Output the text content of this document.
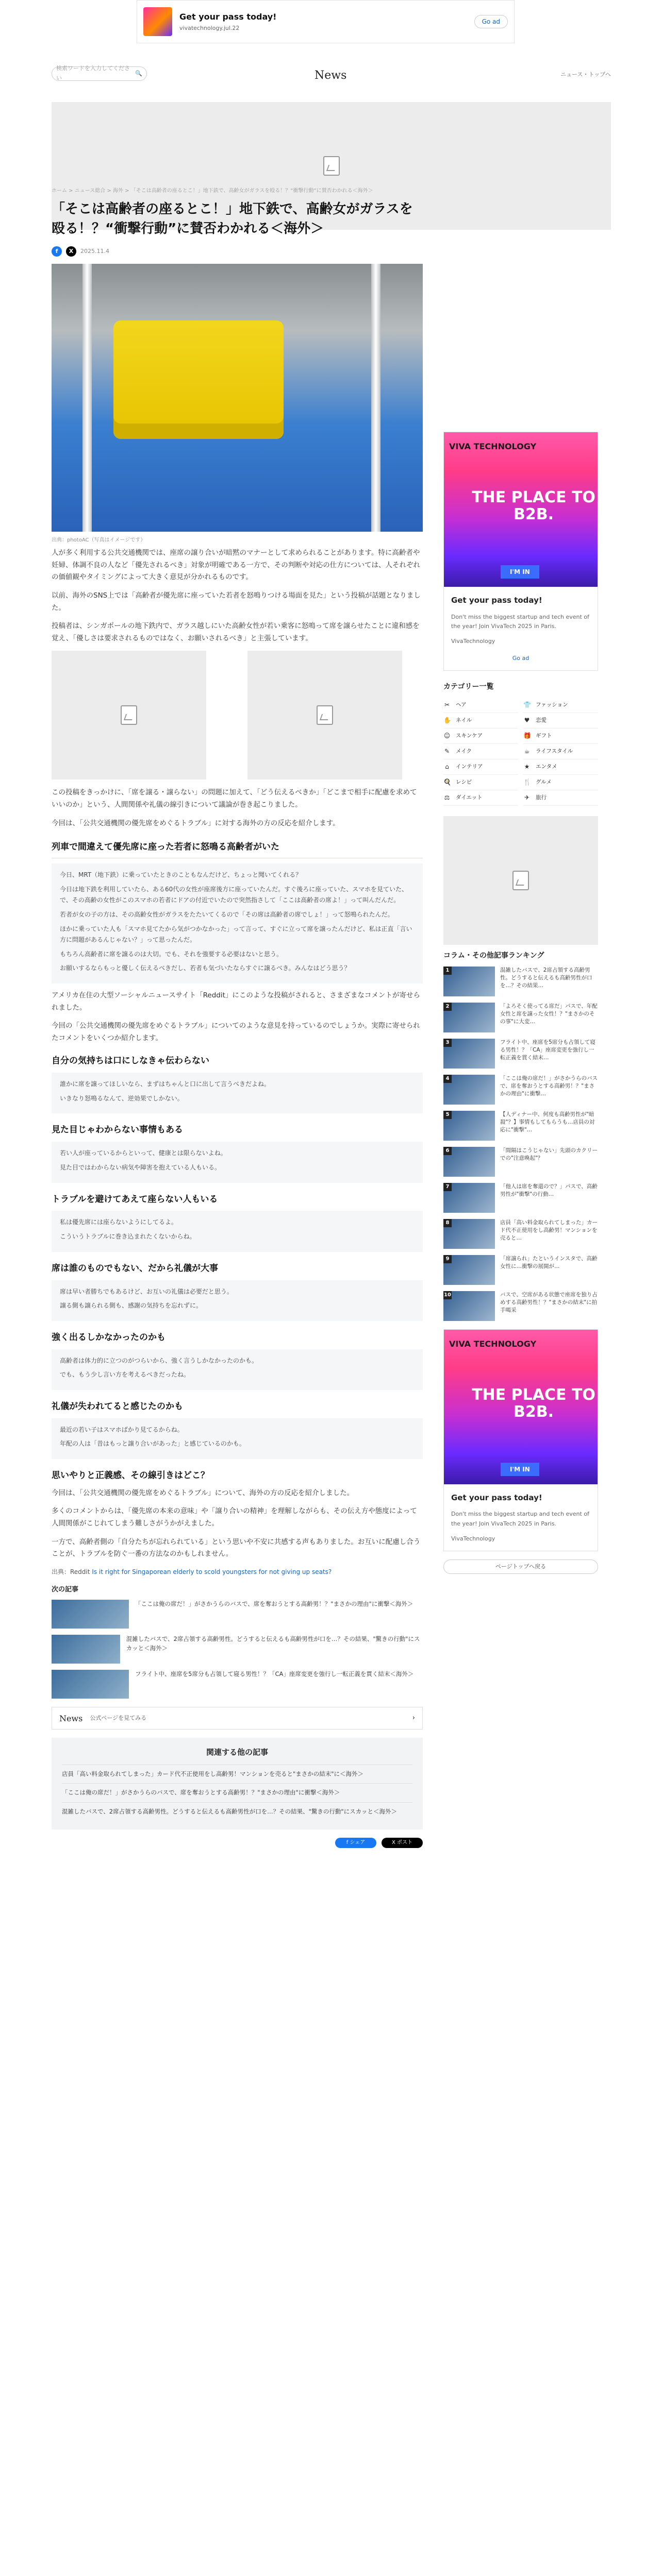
Get your pass today!
vivatechnology.jul.22
Go ad
検索ワードを入力してください
🔍	News	ニュース・トップへ
ホーム > ニュース総合 > 海外 > 「そこは高齢者の座るとこ！」地下鉄で、高齢女がガラスを殴る！？“衝撃行動”に賛否わかれる＜海外＞
「そこは高齢者の座るとこ！」地下鉄で、高齢女がガラスを殴る！？“衝撃行動”に賛否わかれる＜海外＞
f	X	2025.11.4
出典：photoAC（写真はイメージです）

人が多く利用する公共交通機関では、座席の譲り合いが暗黙のマナーとして求められることがあります。特に高齢者や妊婦、体調不良の人など「優先されるべき」対象が明確である一方で、その判断や対応の仕方については、人それぞれの価値観やタイミングによって大きく意見が分かれるものです。

以前、海外のSNS上では「高齢者が優先席に座っていた若者を怒鳴りつける場面を見た」という投稿が話題となりました。

投稿者は、シンガポールの地下鉄内で、ガラス越しにいた高齢女性が若い乗客に怒鳴って席を譲らせたことに違和感を覚え、「優しさは要求されるものではなく、お願いされるべき」と主張しています。

この投稿をきっかけに、「席を譲る・譲らない」の問題に加えて、「どう伝えるべきか」「どこまで相手に配慮を求めていいのか」という、人間関係や礼儀の線引きについて議論が巻き起こりました。

今回は、「公共交通機関の優先席をめぐるトラブル」に対する海外の方の反応を紹介します。

列車で間違えて優先席に座った若者に怒鳴る高齢者がいた

今日、MRT（地下鉄）に乗っていたときのこともなんだけど、ちょっと聞いてくれる？

今日は地下鉄を利用していたら、ある60代の女性が座席後方に座っていたんだ。すぐ後ろに座っていた、スマホを見ていた、で、その高齢の女性がこのスマホの若者にドアの付近でいたので突然指さして「ここは高齢者の席よ！」って叫んだんだ。

若者が女の子の方は、その高齢女性がガラスをたたいてくるので「その席は高齢者の席でしょ！」って怒鳴られたんだ。

ほかに乗っていた人も「スマホ見てたから気がつかなかった」って言って、すぐに立って席を譲ったんだけど、私は正直「言い方に問題があるんじゃない？」って思ったんだ。

もちろん高齢者に席を譲るのは大切。でも、それを強要する必要はないと思う。

お願いするならもっと優しく伝えるべきだし、若者も気づいたならすぐに譲るべき。みんなはどう思う？

アメリカ在住の大型ソーシャルニュースサイト「Reddit」にこのような投稿がされると、さまざまなコメントが寄せられました。

今回の「公共交通機関の優先席をめぐるトラブル」についてのような意見を持っているのでしょうか。実際に寄せられたコメントをいくつか紹介します。

自分の気持ちは口にしなきゃ伝わらない

誰かに席を譲ってほしいなら、まずはちゃんと口に出して言うべきだよね。

いきなり怒鳴るなんて、逆効果でしかない。

見た目じゃわからない事情もある

若い人が座っているからといって、健康とは限らないよね。

見た目ではわからない病気や障害を抱えている人もいる。

トラブルを避けてあえて座らない人もいる

私は優先席には座らないようにしてるよ。

こういうトラブルに巻き込まれたくないからね。

席は誰のものでもない、だから礼儀が大事

席は早い者勝ちでもあるけど、お互いの礼儀は必要だと思う。

譲る側も譲られる側も、感謝の気持ちを忘れずに。

強く出るしかなかったのかも

高齢者は体力的に立つのがつらいから、強く言うしかなかったのかも。

でも、もう少し言い方を考えるべきだったね。

礼儀が失われてると感じたのかも

最近の若い子はスマホばかり見てるからね。

年配の人は「昔はもっと譲り合いがあった」と感じているのかも。

思いやりと正義感、その線引きはどこ？

今回は、「公共交通機関の優先席をめぐるトラブル」について、海外の方の反応を紹介しました。

多くのコメントからは、「優先席の本来の意味」や「譲り合いの精神」を理解しながらも、その伝え方や態度によって人間関係がこじれてしまう難しさがうかがえました。

一方で、高齢者側の「自分たちが忘れられている」という思いや不安に共感する声もありました。お互いに配慮し合うことが、トラブルを防ぐ一番の方法なのかもしれません。

出典：Reddit Is it right for Singaporean elderly to scold youngsters for not giving up seats?
次の記事
「ここは俺の席だ！」がさかうらのバスで、席を奪おうとする高齢男！？"まさかの理由"に衝撃＜海外＞
混雑したバスで、2席占領する高齢男性。どうすると伝えるも高齢男性が口を…？その結果、"驚きの行動"にスカッと＜海外＞
フライト中、座席を5席分も占領して寝る男性！？「CA」座席変更を強行し一転正義を貫く結末＜海外＞
News 公式ページを見てみる	›
関連する他の記事
店員「高い料金取られてしまった」カード代不正使用をし高齢男！マンションを売ると"まさかの結末"に＜海外＞
「ここは俺の席だ！」がさかうらのバスで、席を奪おうとする高齢男！？"まさかの理由"に衝撃＜海外＞
混雑したバスで、2席占領する高齢男性。どうすると伝えるも高齢男性が口を…？その結果、"驚きの行動"にスカッと＜海外＞
f シェア	X ポスト
VIVA TECHNOLOGY
THE PLACE TO B2B.
I'M IN
Get your pass today!
Don't miss the biggest startup and tech event of the year! Join VivaTech 2025 in Paris.
VivaTechnology
Go ad
カテゴリー一覧
✂ ヘア	👕 ファッション
✋ ネイル	♥ 恋愛
☺ スキンケア	🎁 ギフト
✎ メイク	☕ ライフスタイル
⌂	インテリア	★ エンタメ
🍳 レシピ	🍴 グルメ
⚖ ダイエット	✈ 旅行
コラム・その他記事ランキング
1	混雑したバスで、2席占領する高齢男性。どうすると伝えるも高齢男性が口を…？その結果…
2	「よろそく使ってる席だ」パスで、年配女性と席を譲った女性！？"まさかのその事"に大変…
3	フライト中、座席を5席分も占領して寝る男性！？「CA」座席変更を強行し一転正義を貫く結末…
4	「ここは俺の席だ！」がさかうらのバスで、席を奪おうとする高齢男！？"まさかの理由"に衝撃…
5	【人ディナー中、何度も高齢男性が"暗殺"？】事情もしてもらうも…店員の対応に"衝撃"…
6	「間隔はこうじゃない」先頭のカクリーでの"注意喚起"？
7	「他人は席を奪還ので？」パスで、高齢男性が"衝撃"の行動…
8	店員「高い料金取られてしまった」カード代不正使用をし高齢男！マンションを売ると…
9	「席譲られ」たというインスタで、高齢女性に…衝撃の展開が…
10	バスで、空席がある状態で座席を独り占めする高齢男性！？"まさかの結末"に拍手喝采
VIVA TECHNOLOGY
THE PLACE TO B2B.
I'M IN
Get your pass today!
Don't miss the biggest startup and tech event of the year! Join VivaTech 2025 in Paris.
VivaTechnology
ページトップへ戻る
